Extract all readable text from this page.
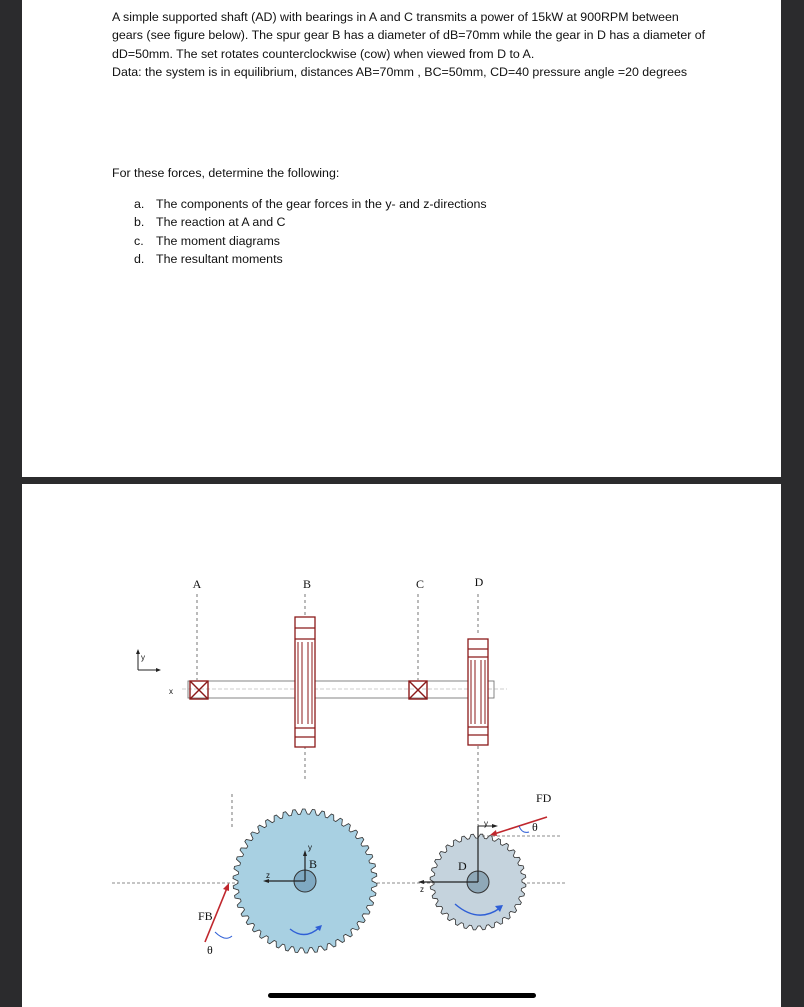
A simple supported shaft (AD) with bearings in A and C transmits a power of 15kW at 900RPM between gears (see figure below). The spur gear B has a diameter of dB=70mm while the gear in D has a diameter of dD=50mm. The set rotates counterclockwise (cow) when viewed from D to A.

Data: the system is in equilibrium, distances AB=70mm , BC=50mm, CD=40 pressure angle =20 degrees

For these forces, determine the following:

a. The components of the gear forces in the y- and z-directions
b. The reaction at A and C
c. The moment diagrams
d. The resultant moments
A	B	C	D
y
x
y
z
B
FB
θ
y
z
D
FD
θ
